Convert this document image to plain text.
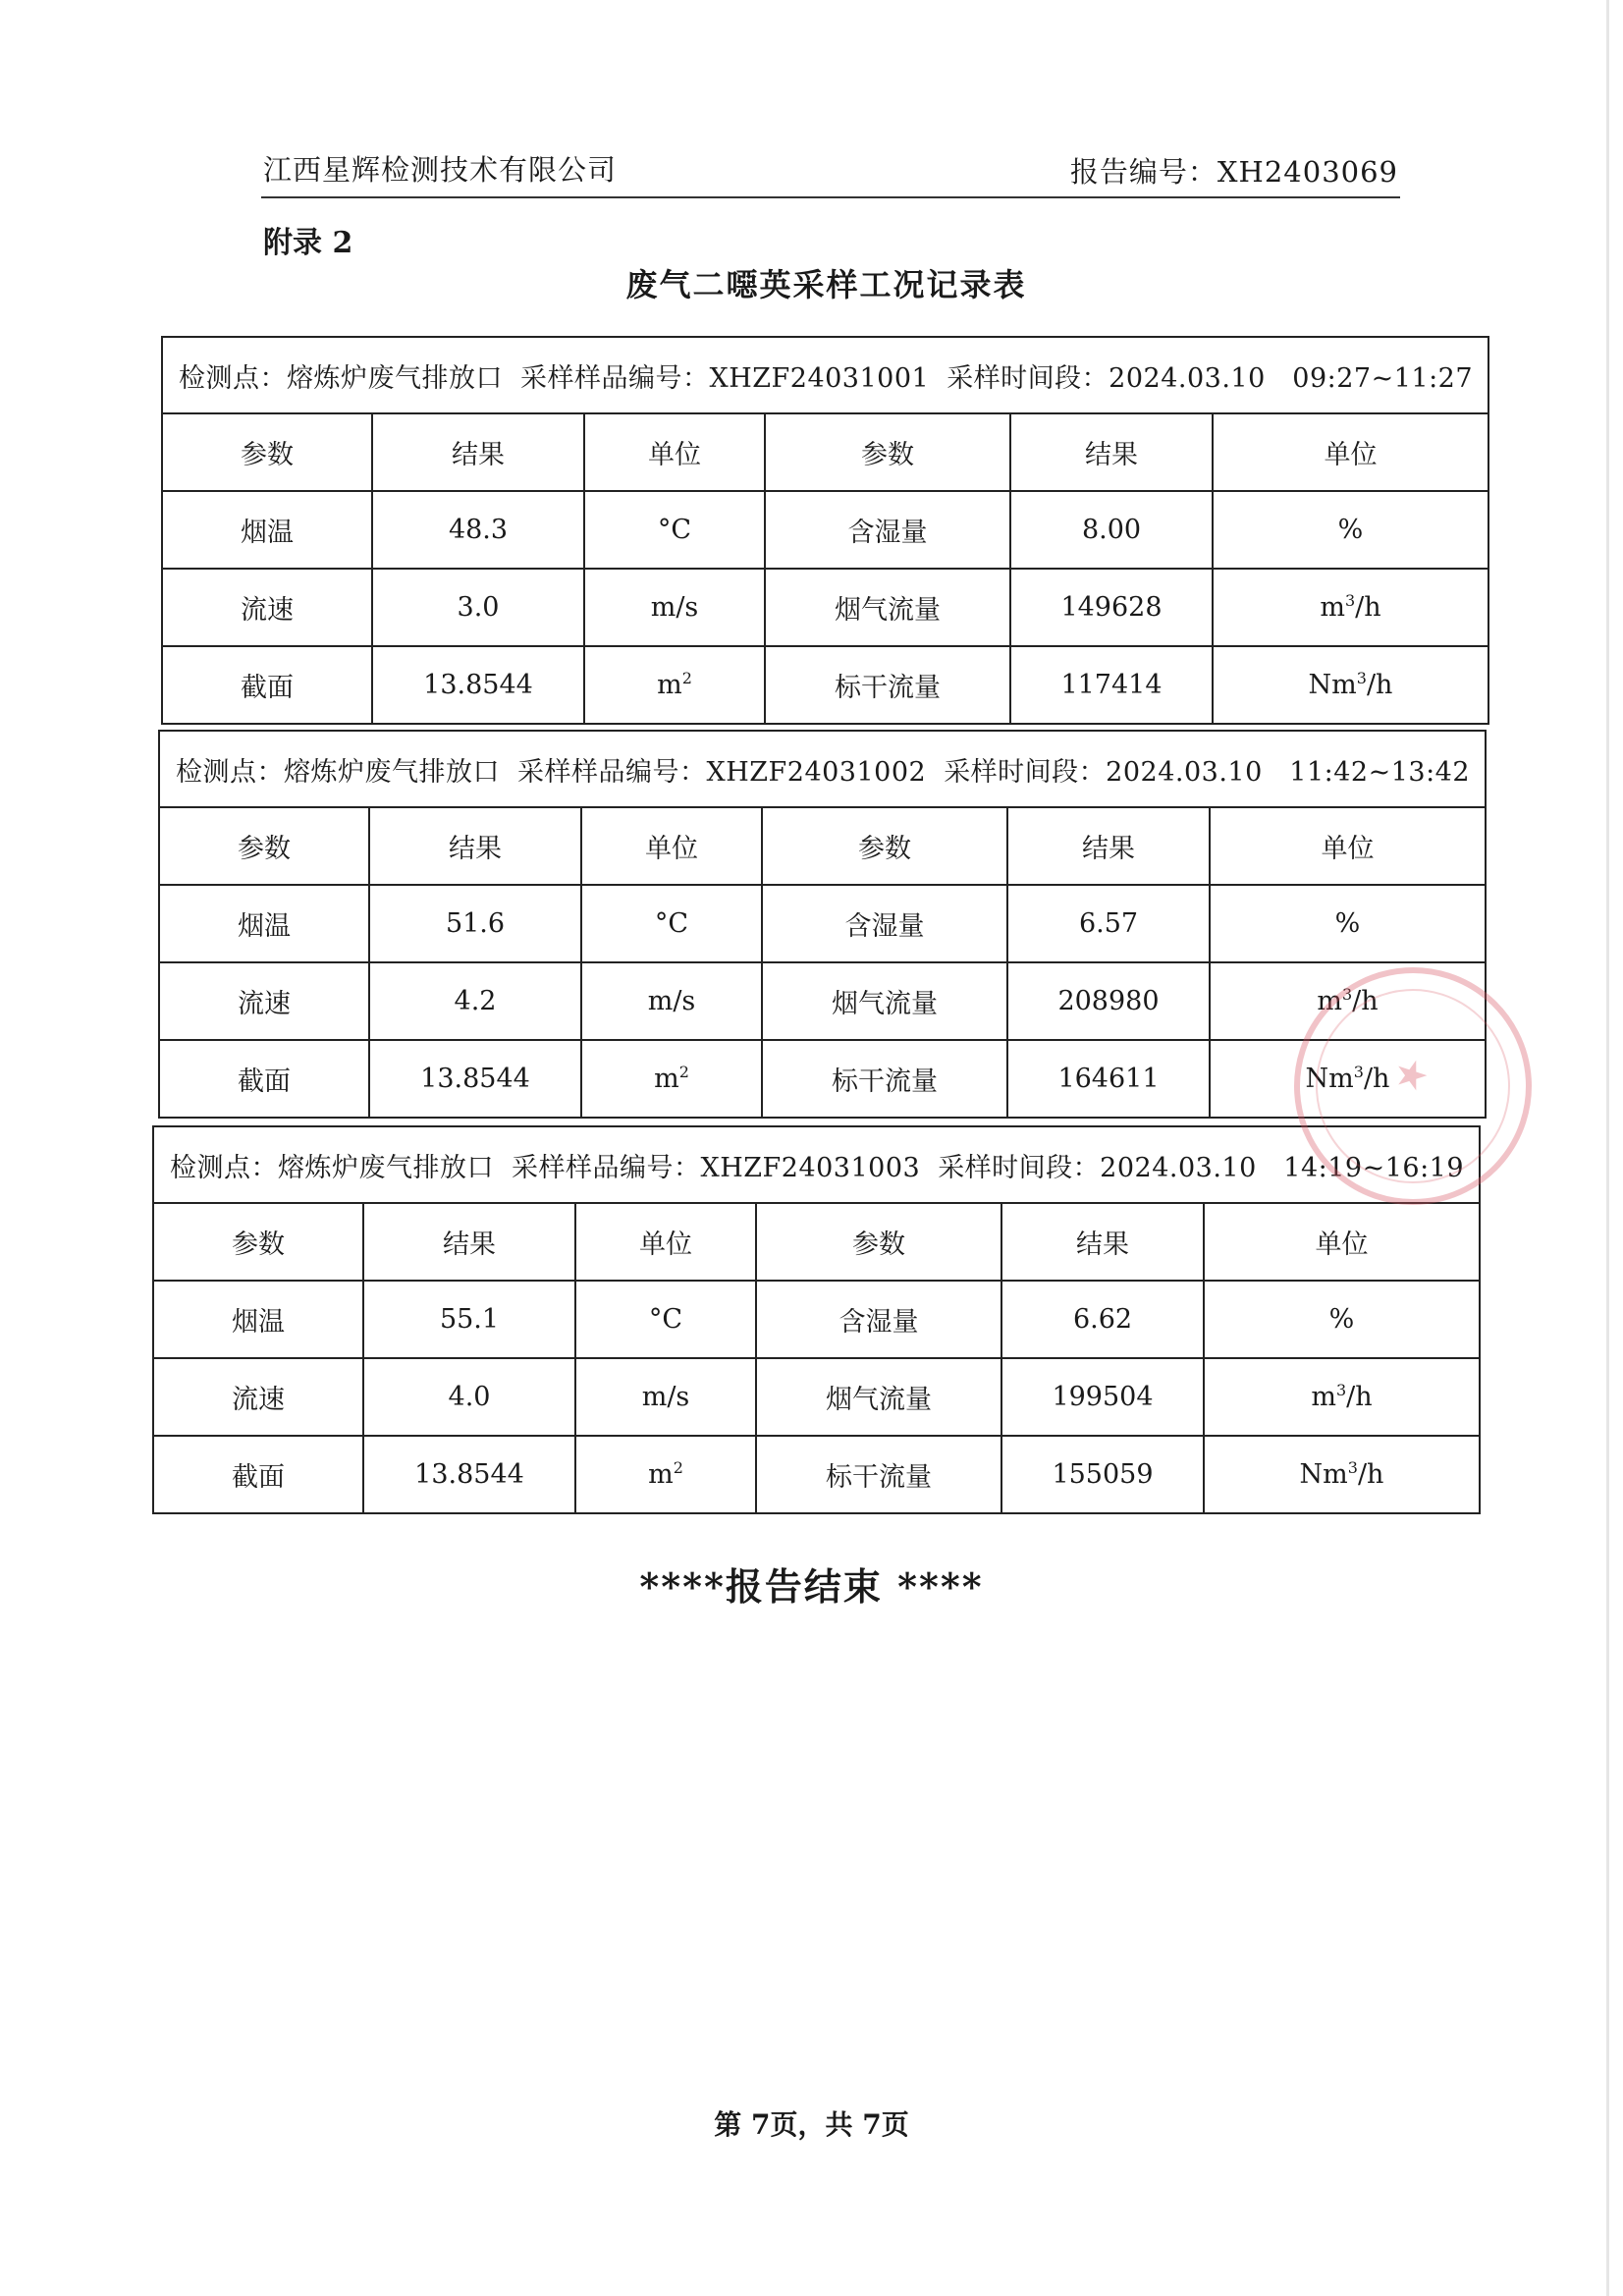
江西星辉检测技术有限公司	报告编号：XH2403069
附录 2
废气二噁英采样工况记录表
检测点：熔炼炉废气排放口 采样样品编号：XHZF24031001 采样时间段：2024.03.10　09:27~11:27					
参数	结果	单位	参数	结果	单位
烟温	48.3	°C	含湿量	8.00	%
流速	3.0	m/s	烟气流量	149628	$m^3/h$
截面	13.8544	$m^2$	标干流量	117414	Nm$^3$/h
检测点：熔炼炉废气排放口 采样样品编号：XHZF24031002 采样时间段：2024.03.10　11:42~13:42					
参数	结果	单位	参数	结果	单位
烟温	51.6	°C	含湿量	6.57	%
流速	4.2	m/s	烟气流量	208980	$m^3/h$
截面	13.8544	$m^2$	标干流量	164611	Nm$^3$/h
检测点：熔炼炉废气排放口 采样样品编号：XHZF24031003 采样时间段：2024.03.10　14:19~16:19					
参数	结果	单位	参数	结果	单位
烟温	55.1	°C	含湿量	6.62	%
流速	4.0	m/s	烟气流量	199504	$m^3/h$
截面	13.8544	$m^2$	标干流量	155059	Nm$^3$/h
★
****报告结束 ****
第 7页，共 7页
